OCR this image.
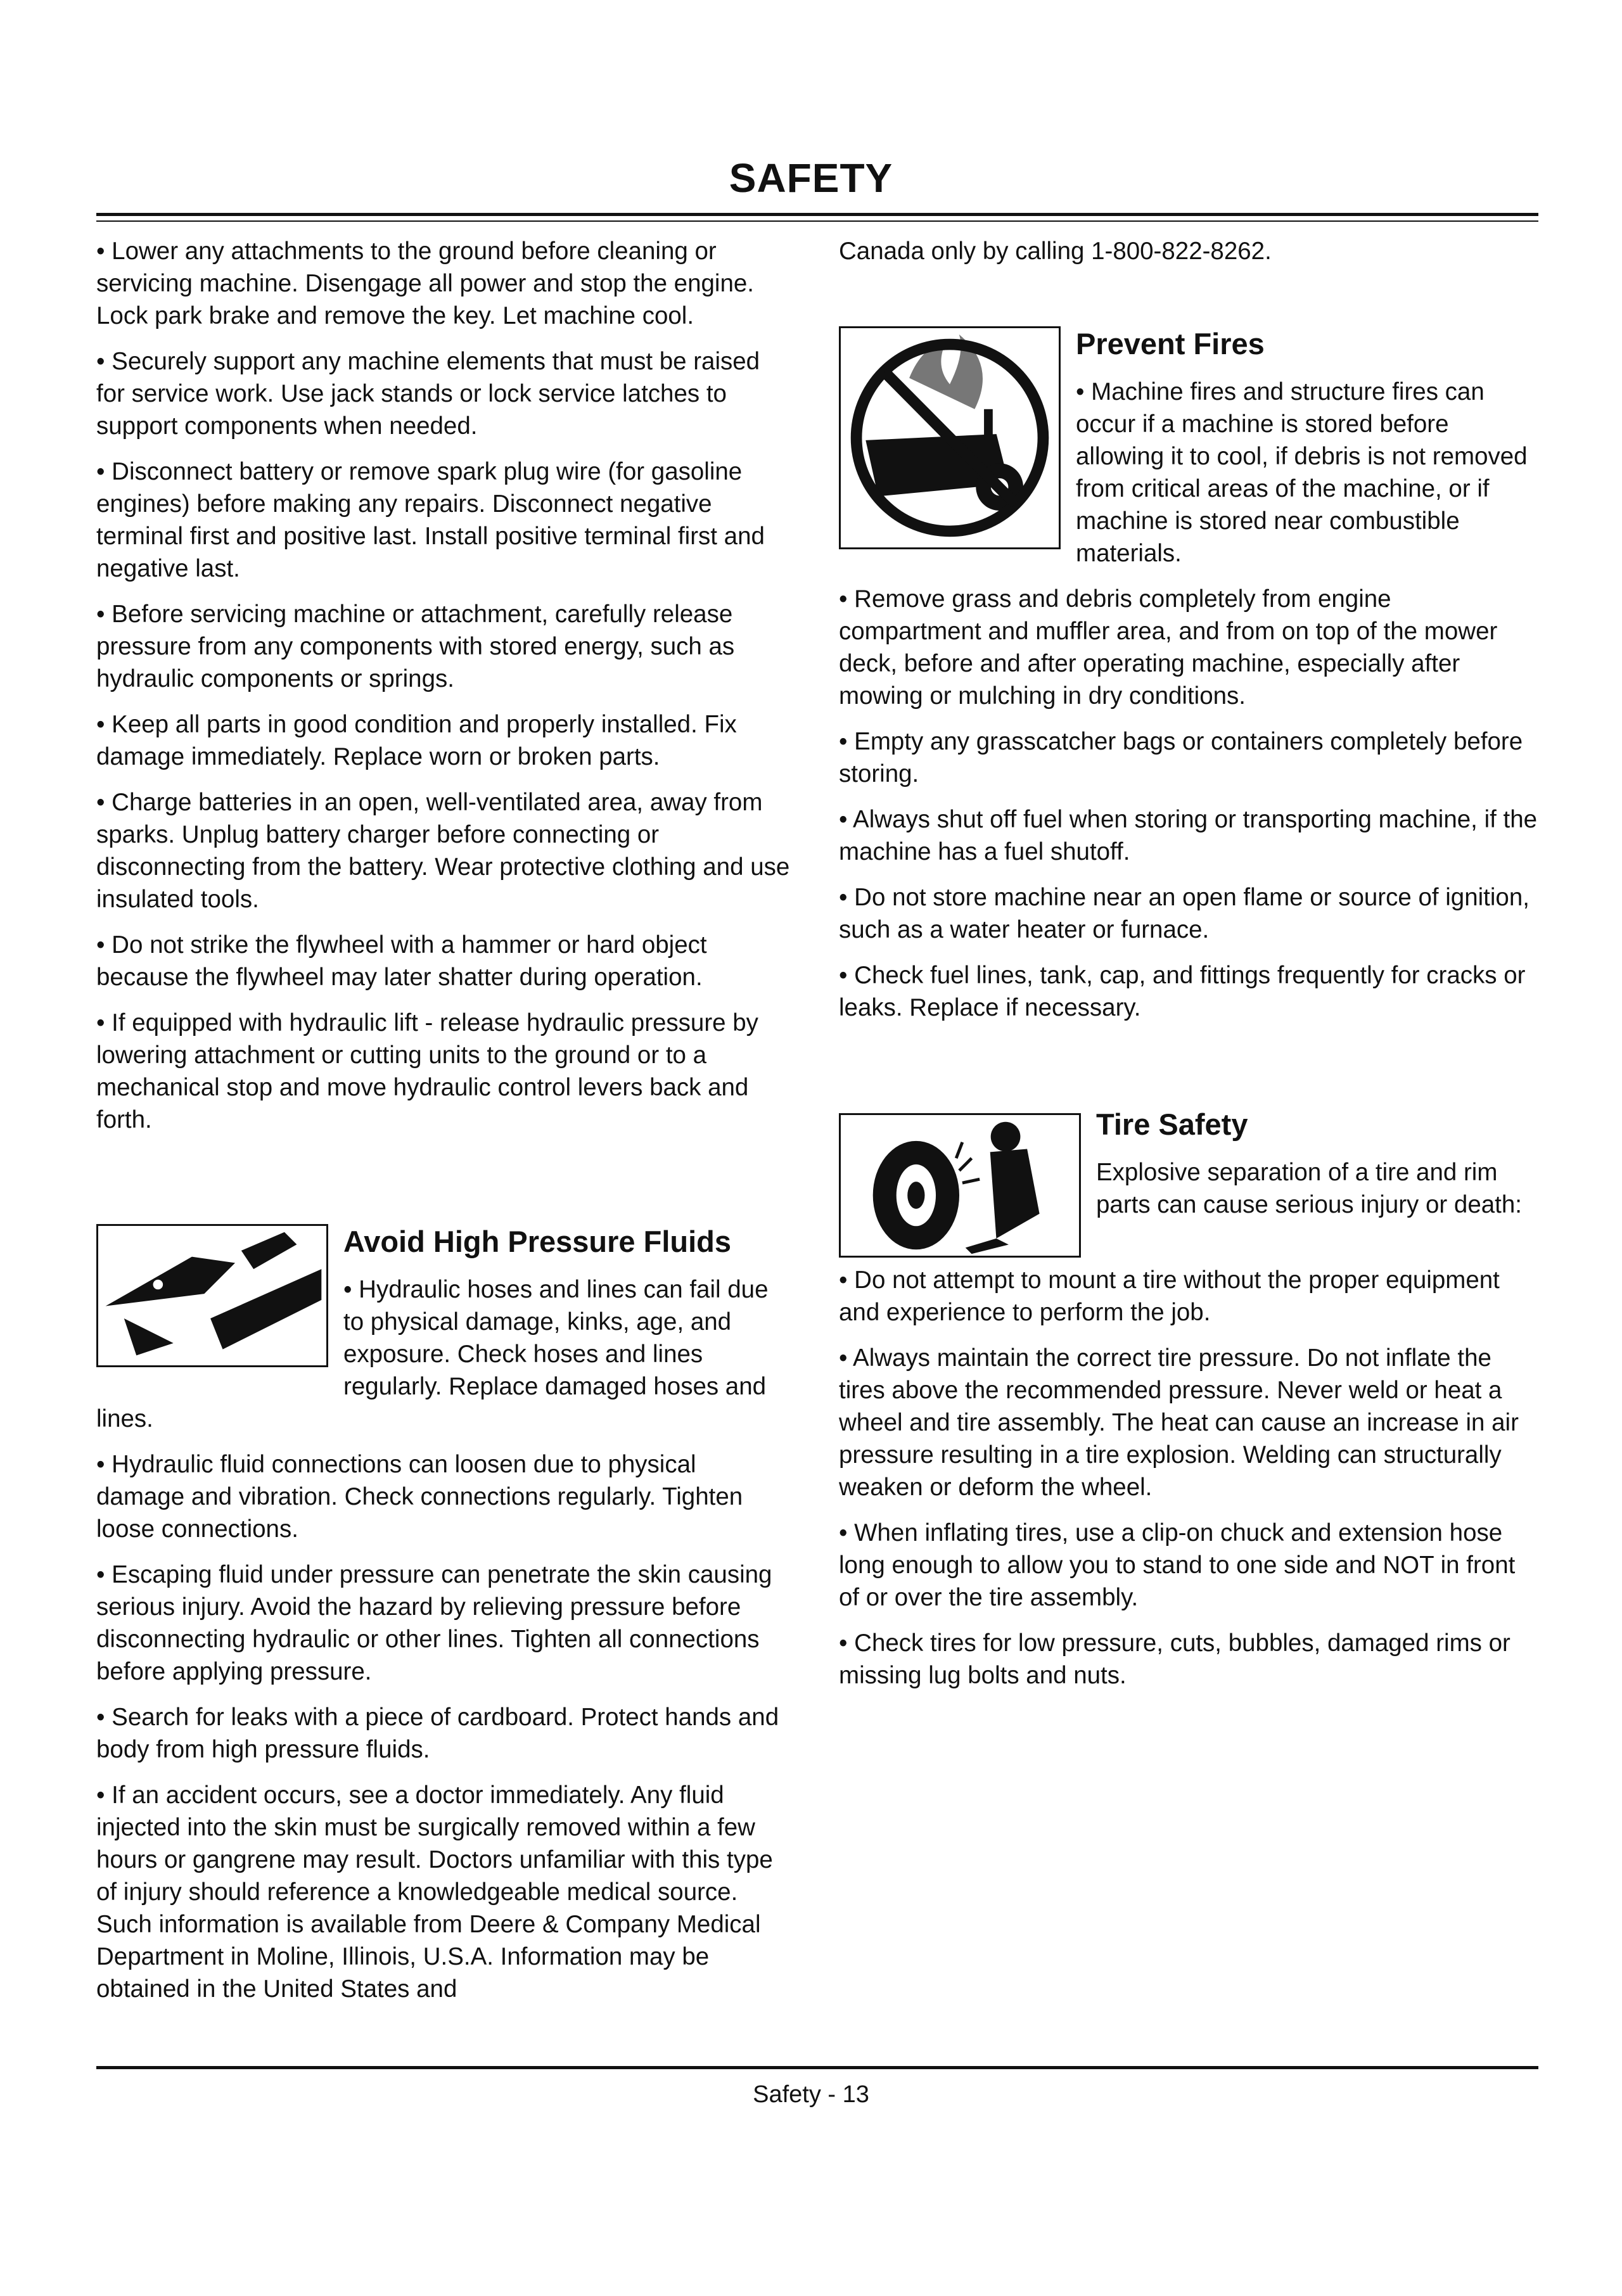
SAFETY

• Lower any attachments to the ground before cleaning or servicing machine. Disengage all power and stop the engine. Lock park brake and remove the key. Let machine cool.

• Securely support any machine elements that must be raised for service work. Use jack stands or lock service latches to support components when needed.

• Disconnect battery or remove spark plug wire (for gasoline engines) before making any repairs. Disconnect negative terminal first and positive last. Install positive terminal first and negative last.

• Before servicing machine or attachment, carefully release pressure from any components with stored energy, such as hydraulic components or springs.

• Keep all parts in good condition and properly installed. Fix damage immediately. Replace worn or broken parts.

• Charge batteries in an open, well-ventilated area, away from sparks. Unplug battery charger before connecting or disconnecting from the battery. Wear protective clothing and use insulated tools.

• Do not strike the flywheel with a hammer or hard object because the flywheel may later shatter during operation.

• If equipped with hydraulic lift - release hydraulic pressure by lowering attachment or cutting units to the ground or to a mechanical stop and move hydraulic control levers back and forth.

Avoid High Pressure Fluids

• Hydraulic hoses and lines can fail due to physical damage, kinks, age, and exposure. Check hoses and lines regularly. Replace damaged hoses and lines.

• Hydraulic fluid connections can loosen due to physical damage and vibration. Check connections regularly. Tighten loose connections.

• Escaping fluid under pressure can penetrate the skin causing serious injury. Avoid the hazard by relieving pressure before disconnecting hydraulic or other lines. Tighten all connections before applying pressure.

• Search for leaks with a piece of cardboard. Protect hands and body from high pressure fluids.

• If an accident occurs, see a doctor immediately. Any fluid injected into the skin must be surgically removed within a few hours or gangrene may result. Doctors unfamiliar with this type of injury should reference a knowledgeable medical source. Such information is available from Deere & Company Medical Department in Moline, Illinois, U.S.A. Information may be obtained in the United States and

Canada only by calling 1-800-822-8262.

Prevent Fires

• Machine fires and structure fires can occur if a machine is stored before allowing it to cool, if debris is not removed from critical areas of the machine, or if machine is stored near combustible materials.

• Remove grass and debris completely from engine compartment and muffler area, and from on top of the mower deck, before and after operating machine, especially after mowing or mulching in dry conditions.

• Empty any grasscatcher bags or containers completely before storing.

• Always shut off fuel when storing or transporting machine, if the machine has a fuel shutoff.

• Do not store machine near an open flame or source of ignition, such as a water heater or furnace.

• Check fuel lines, tank, cap, and fittings frequently for cracks or leaks. Replace if necessary.

Tire Safety

Explosive separation of a tire and rim parts can cause serious injury or death:

• Do not attempt to mount a tire without the proper equipment and experience to perform the job.

• Always maintain the correct tire pressure. Do not inflate the tires above the recommended pressure. Never weld or heat a wheel and tire assembly. The heat can cause an increase in air pressure resulting in a tire explosion. Welding can structurally weaken or deform the wheel.

• When inflating tires, use a clip-on chuck and extension hose long enough to allow you to stand to one side and NOT in front of or over the tire assembly.

• Check tires for low pressure, cuts, bubbles, damaged rims or missing lug bolts and nuts.

Safety - 13
